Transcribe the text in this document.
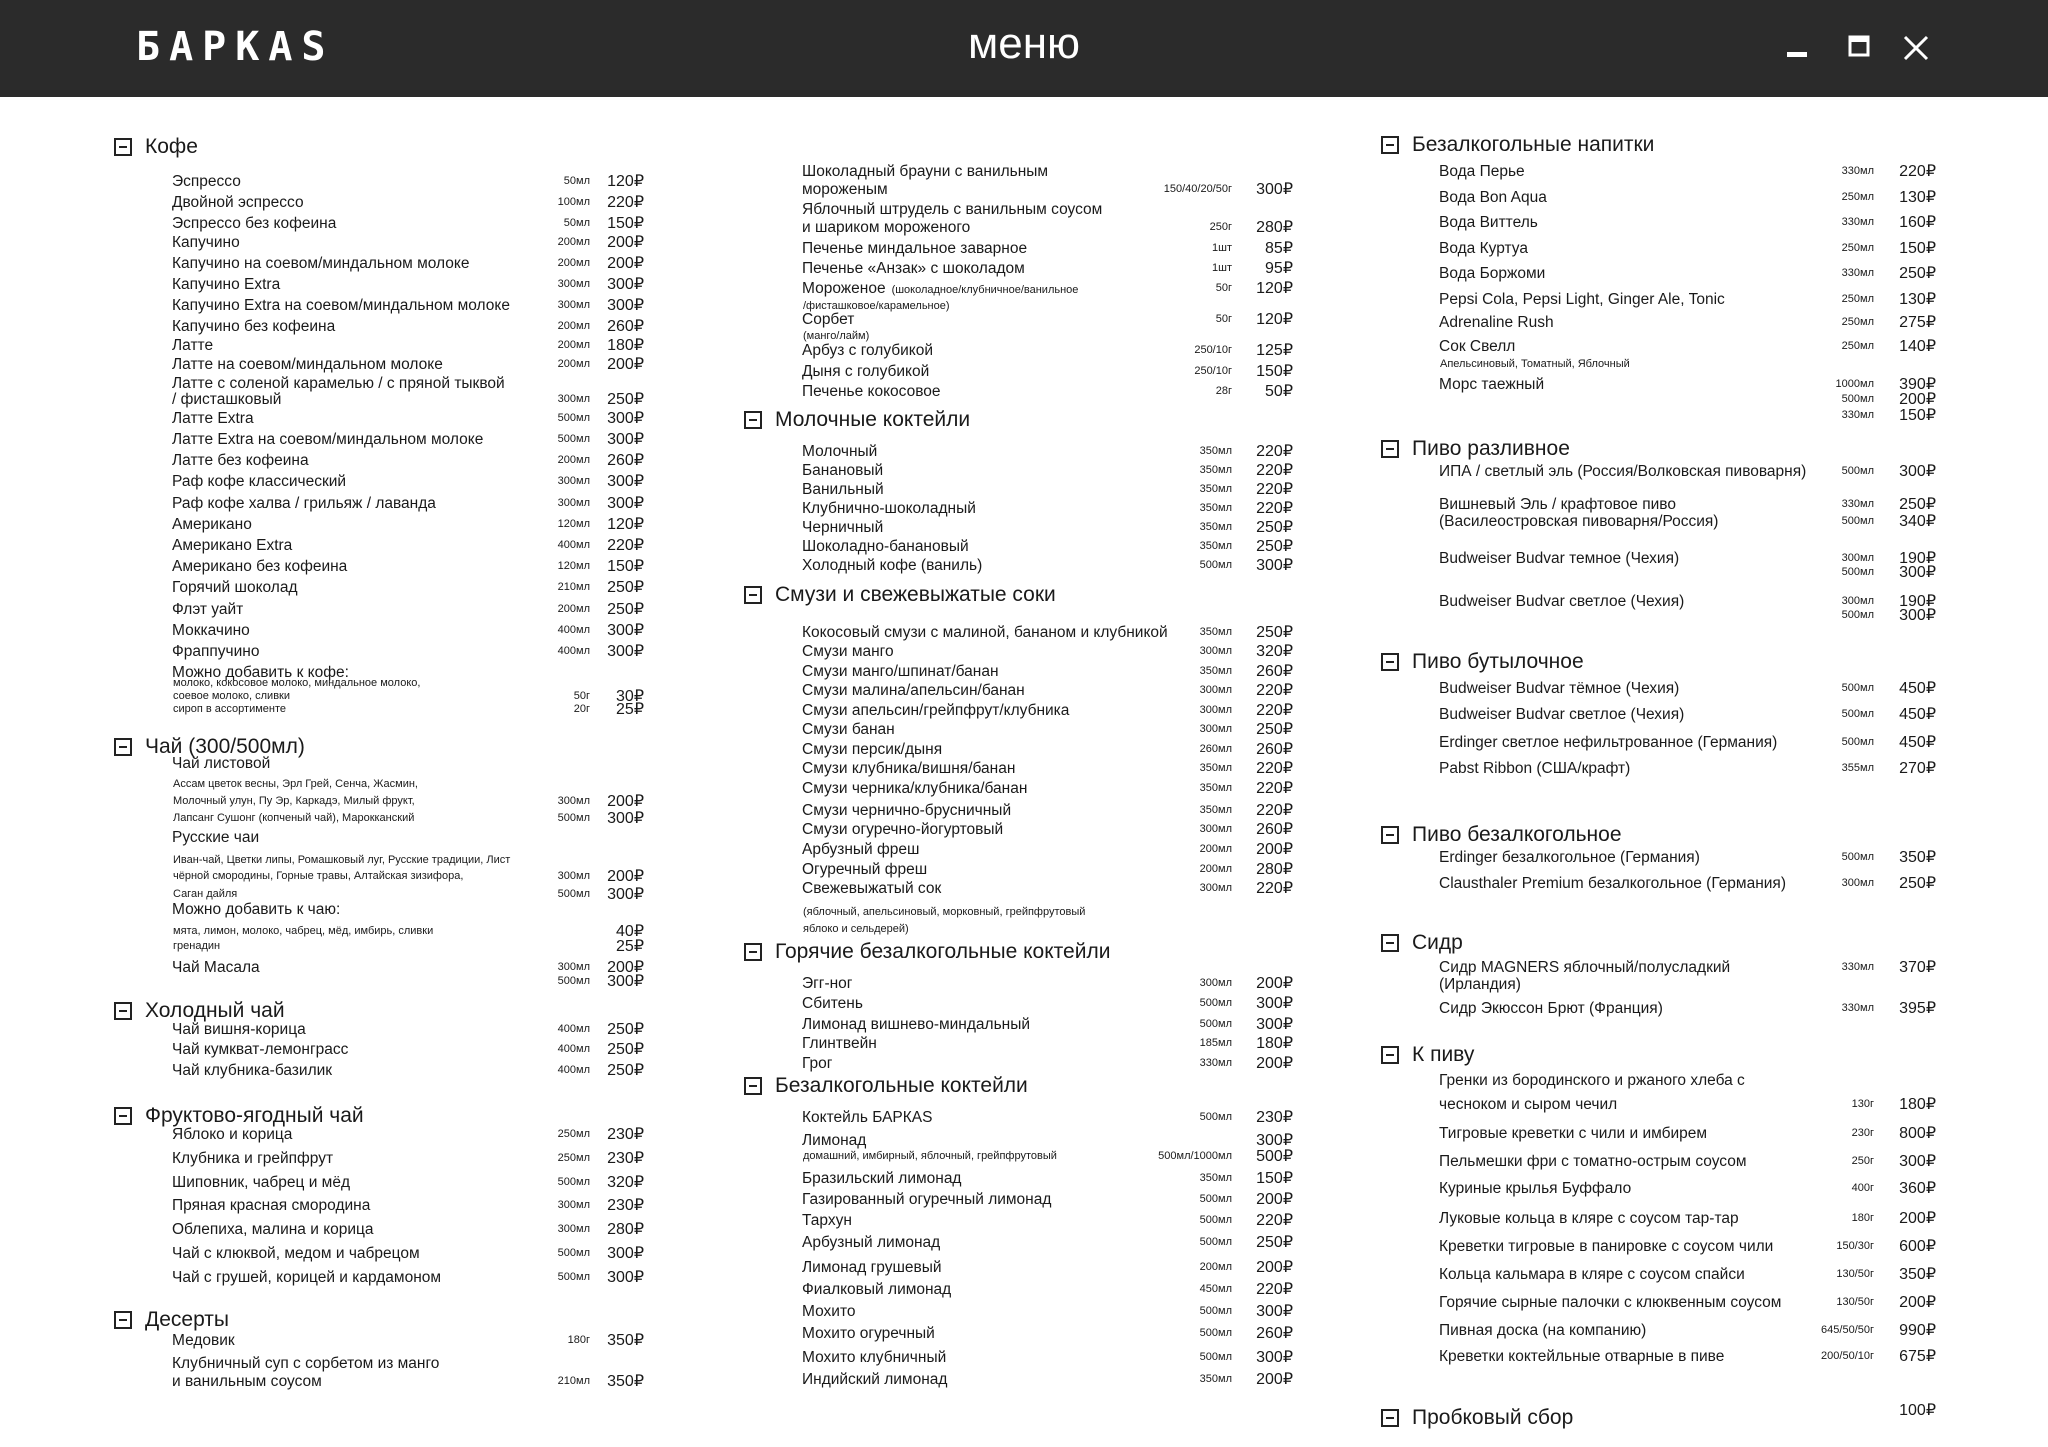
БАРКАS	меню
Кофе
Эспрессо	50мл	120₽
Двойной эспрессо	100мл	220₽
Эспрессо без кофеина	50мл	150₽
Капучино	200мл	200₽
Капучино на соевом/миндальном молоке	200мл	200₽
Капучино Extra	300мл	300₽
Капучино Extra на соевом/миндальном молоке	300мл	300₽
Капучино без кофеина	200мл	260₽
Латте	200мл	180₽
Латте на соевом/миндальном молоке	200мл	200₽
Латте с соленой карамелью / с пряной тыквой
/ фисташковый	300мл	250₽
Латте Extra	500мл	300₽
Латте Extra на соевом/миндальном молоке	500мл	300₽
Латте без кофеина	200мл	260₽
Раф кофе классический	300мл	300₽
Раф кофе халва / грильяж / лаванда	300мл	300₽
Американо	120мл	120₽
Американо Extra	400мл	220₽
Американо без кофеина	120мл	150₽
Горячий шоколад	210мл	250₽
Флэт уайт	200мл	250₽
Моккачино	400мл	300₽
Фраппучино	400мл	300₽
Можно добавить к кофе:
молоко, кокосовое молоко, миндальное молоко,
соевое молоко, сливки	50г	30₽
сироп в ассортименте	20г	25₽
Чай (300/500мл)
Чай листовой
Ассам цветок весны, Эрл Грей, Сенча, Жасмин,
Молочный улун, Пу Эр, Каркадэ, Милый фрукт,	300мл	200₽
Лапсанг Сушонг (копченый чай), Марокканский	500мл	300₽
Русские чаи
Иван-чай, Цветки липы, Ромашковый луг, Русские традиции, Лист
чёрной смородины, Горные травы, Алтайская зизифора,	300мл	200₽
Саган дайля	500мл	300₽
Можно добавить к чаю:
мята, лимон, молоко, чабрец, мёд, имбирь, сливки	40₽
гренадин	25₽
Чай Масала	300мл	200₽
500мл	300₽
Холодный чай
Чай вишня-корица	400мл	250₽
Чай кумкват-лемонграсс	400мл	250₽
Чай клубника-базилик	400мл	250₽
Фруктово-ягодный чай
Яблоко и корица	250мл	230₽
Клубника и грейпфрут	250мл	230₽
Шиповник, чабрец и мёд	500мл	320₽
Пряная красная смородина	300мл	230₽
Облепиха, малина и корица	300мл	280₽
Чай с клюквой, медом и чабрецом	500мл	300₽
Чай с грушей, корицей и кардамоном	500мл	300₽
Десерты
Медовик	180г	350₽
Клубничный суп с сорбетом из манго
и ванильным соусом	210мл	350₽
Шоколадный брауни с ванильным
мороженым	150/40/20/50г	300₽
Яблочный штрудель с ванильным соусом
и шариком мороженого	250г	280₽
Печенье миндальное заварное	1шт	85₽
Печенье «Анзак» с шоколадом	1шт	95₽
Мороженое (шоколадное/клубничное/ванильное	50г	120₽
/фисташковое/карамельное)
Сорбет	50г	120₽
(манго/лайм)
Арбуз с голубикой	250/10г	125₽
Дыня с голубикой	250/10г	150₽
Печенье кокосовое	28г	50₽
Молочные коктейли
Молочный	350мл	220₽
Банановый	350мл	220₽
Ванильный	350мл	220₽
Клубнично-шоколадный	350мл	220₽
Черничный	350мл	250₽
Шоколадно-банановый	350мл	250₽
Холодный кофе (ваниль)	500мл	300₽
Смузи и свежевыжатые соки
Кокосовый смузи с малиной, бананом и клубникой	350мл	250₽
Смузи манго	300мл	320₽
Смузи манго/шпинат/банан	350мл	260₽
Смузи малина/апельсин/банан	300мл	220₽
Смузи апельсин/грейпфрут/клубника	300мл	220₽
Смузи банан	300мл	250₽
Смузи персик/дыня	260мл	260₽
Смузи клубника/вишня/банан	350мл	220₽
Смузи черника/клубника/банан	350мл	220₽
Смузи чернично-брусничный	350мл	220₽
Смузи огуречно-йогуртовый	300мл	260₽
Арбузный фреш	200мл	200₽
Огуречный фреш	200мл	280₽
Свежевыжатый сок	300мл	220₽
(яблочный, апельсиновый, морковный, грейпфрутовый
яблоко и сельдерей)
Горячие безалкогольные коктейли
Эгг-ног	300мл	200₽
Сбитень	500мл	300₽
Лимонад вишнево-миндальный	500мл	300₽
Глинтвейн	185мл	180₽
Грог	330мл	200₽
Безалкогольные коктейли
Коктейль БАРКАS	500мл	230₽
Лимонад	300₽
домашний, имбирный, яблочный, грейпфрутовый	500мл/1000мл	500₽
Бразильский лимонад	350мл	150₽
Газированный огуречный лимонад	500мл	200₽
Тархун	500мл	220₽
Арбузный лимонад	500мл	250₽
Лимонад грушевый	200мл	200₽
Фиалковый лимонад	450мл	220₽
Мохито	500мл	300₽
Мохито огуречный	500мл	260₽
Мохито клубничный	500мл	300₽
Индийский лимонад	350мл	200₽
Безалкогольные напитки
Вода Перье	330мл	220₽
Вода Bon Aqua	250мл	130₽
Вода Виттель	330мл	160₽
Вода Куртуа	250мл	150₽
Вода Боржоми	330мл	250₽
Pepsi Cola, Pepsi Light, Ginger Ale, Tonic	250мл	130₽
Adrenaline Rush	250мл	275₽
Сок Свелл	250мл	140₽
Апельсиновый, Томатный, Яблочный
Морс таежный	1000мл	390₽
500мл	200₽
330мл	150₽
Пиво разливное
ИПА / светлый эль (Россия/Волковская пивоварня)	500мл	300₽
Вишневый Эль / крафтовое пиво	330мл	250₽
(Василеостровская пивоварня/Россия)	500мл	340₽
Budweiser Budvar темное (Чехия)	300мл	190₽
500мл	300₽
Budweiser Budvar светлое (Чехия)	300мл	190₽
500мл	300₽
Пиво бутылочное
Budweiser Budvar тёмное (Чехия)	500мл	450₽
Budweiser Budvar светлое (Чехия)	500мл	450₽
Erdinger светлое нефильтрованное (Германия)	500мл	450₽
Pabst Ribbon (США/крафт)	355мл	270₽
Пиво безалкогольное
Erdinger безалкогольное (Германия)	500мл	350₽
Clausthaler Premium безалкогольное (Германия)	300мл	250₽
Сидр
Сидр MAGNERS яблочный/полусладкий	330мл	370₽
(Ирландия)
Сидр Экюссон Брют (Франция)	330мл	395₽
К пиву
Гренки из бородинского и ржаного хлеба с
чесноком и сыром чечил	130г	180₽
Тигровые креветки с чили и имбирем	230г	800₽
Пельмешки фри с томатно-острым соусом	250г	300₽
Куриные крылья Буффало	400г	360₽
Луковые кольца в кляре с соусом тар-тар	180г	200₽
Креветки тигровые в панировке с соусом чили	150/30г	600₽
Кольца кальмара в кляре с соусом спайси	130/50г	350₽
Горячие сырные палочки с клюквенным соусом	130/50г	200₽
Пивная доска (на компанию)	645/50/50г	990₽
Креветки коктейльные отварные в пиве	200/50/10г	675₽
Пробковый сбор	100₽
